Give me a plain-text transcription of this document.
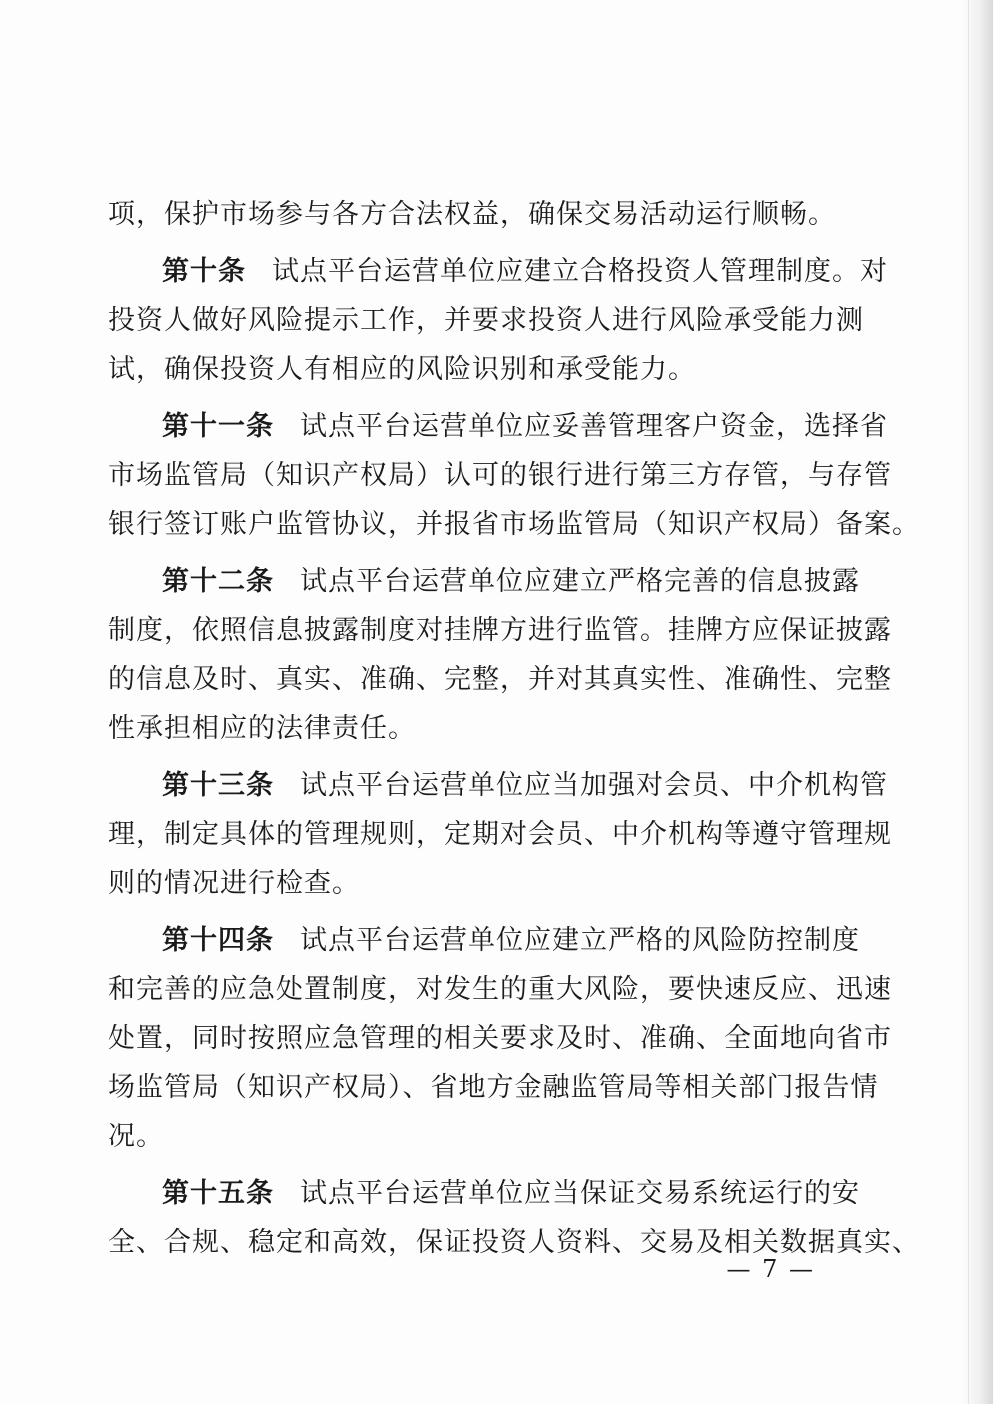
项，保护市场参与各方合法权益，确保交易活动运行顺畅。
第十条 试点平台运营单位应建立合格投资人管理制度。对
投资人做好风险提示工作，并要求投资人进行风险承受能力测
试，确保投资人有相应的风险识别和承受能力。
第十一条 试点平台运营单位应妥善管理客户资金，选择省
市场监管局（知识产权局）认可的银行进行第三方存管，与存管
银行签订账户监管协议，并报省市场监管局（知识产权局）备案。
第十二条 试点平台运营单位应建立严格完善的信息披露
制度，依照信息披露制度对挂牌方进行监管。挂牌方应保证披露
的信息及时、真实、准确、完整，并对其真实性、准确性、完整
性承担相应的法律责任。
第十三条 试点平台运营单位应当加强对会员、中介机构管
理，制定具体的管理规则，定期对会员、中介机构等遵守管理规
则的情况进行检查。
第十四条 试点平台运营单位应建立严格的风险防控制度
和完善的应急处置制度，对发生的重大风险，要快速反应、迅速
处置，同时按照应急管理的相关要求及时、准确、全面地向省市
场监管局（知识产权局）、省地方金融监管局等相关部门报告情
况。
第十五条 试点平台运营单位应当保证交易系统运行的安
全、合规、稳定和高效，保证投资人资料、交易及相关数据真实、
— 7 —
